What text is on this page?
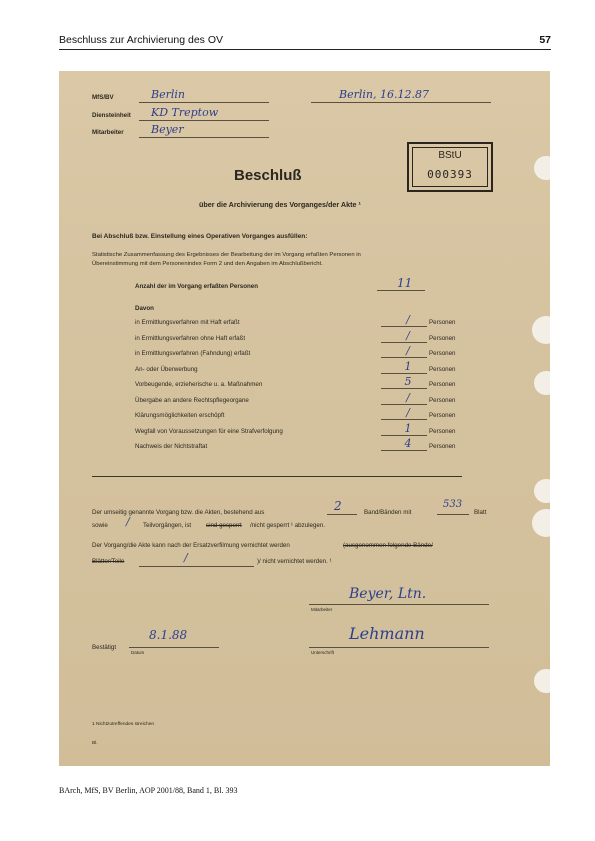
Beschluss zur Archivierung des OV	57
MfS/BV	Berlin	Berlin, 16.12.87
Diensteinheit KD Treptow
Mitarbeiter Beyer
BStU
000393
Beschluß
über die Archivierung des Vorganges/der Akte ¹
Bei Abschluß bzw. Einstellung eines Operativen Vorganges ausfüllen:
Statistische Zusammenfassung des Ergebnisses der Bearbeitung der im Vorgang erfaßten Personen in
Übereinstimmung mit dem Personenindex Form 2 und den Angaben im Abschlußbericht.
Anzahl der im Vorgang erfaßten Personen	11
Davon
in Ermittlungsverfahren mit Haft erfaßt	/	Personen
in Ermittlungsverfahren ohne Haft erfaßt	/	Personen
in Ermittlungsverfahren (Fahndung) erfaßt	/	Personen
An- oder Überwerbung	1	Personen
Vorbeugende, erzieherische u. a. Maßnahmen	5	Personen
Übergabe an andere Rechtspflegeorgane	/	Personen
Klärungsmöglichkeiten erschöpft	/	Personen
Wegfall von Voraussetzungen für eine Strafverfolgung	1	Personen
Nachweis der Nichtstraftat	4	Personen
Der umseitig genannte Vorgang bzw. die Akten, bestehend aus	2	Band/Bänden mit
533
Blatt
sowie / Teilvorgängen, ist sind gesperrt /nicht gesperrt ¹ abzulegen.
Der Vorgang/die Akte kann nach der Ersatzverfilmung vernichtet werden	(ausgenommen folgende Bände/
Blätter/Teile	/	)/ nicht vernichtet werden. ¹
Beyer, Ltn.
Mitarbeiter
Bestätigt
8.1.88
Datum
Lehmann
Unterschrift
1 Nichtzutreffendes streichen
Bl.
BArch, MfS, BV Berlin, AOP 2001/88, Band 1, Bl. 393
